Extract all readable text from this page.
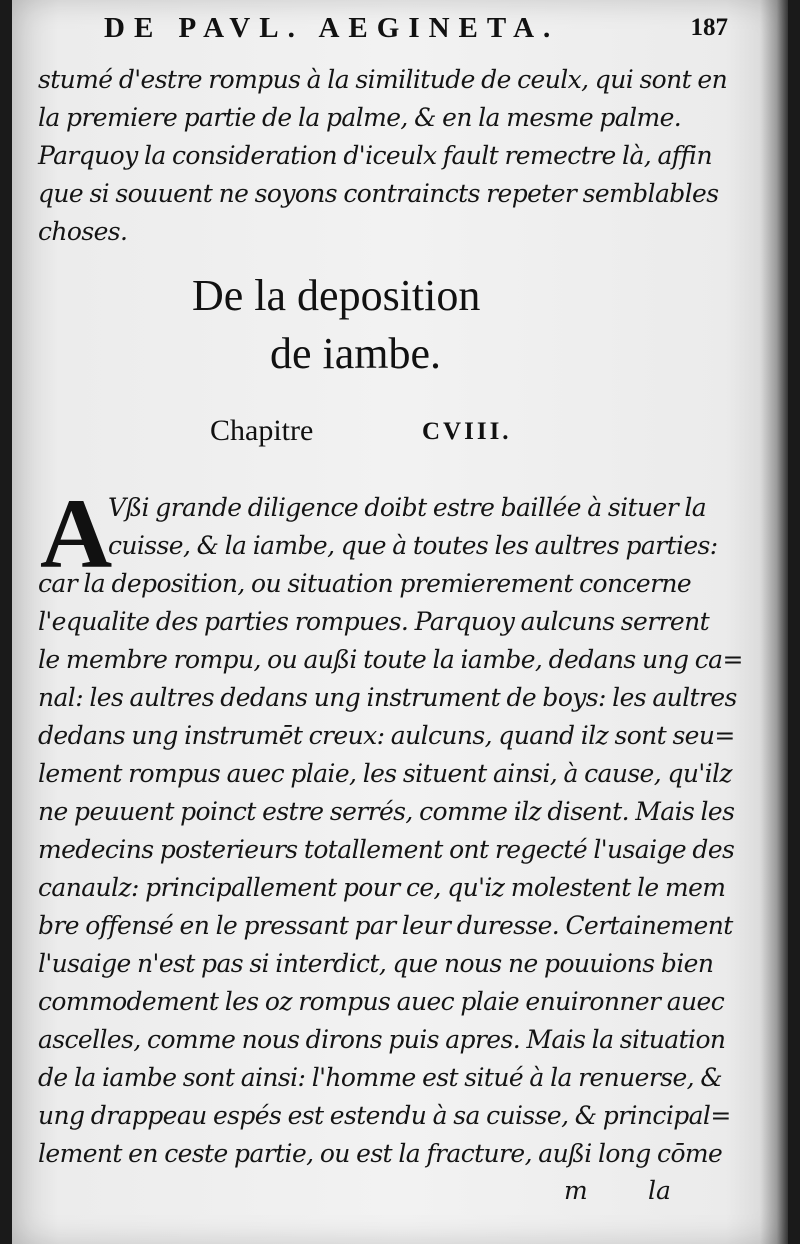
DE PAVL. AEGINETA.	187
stumé d'estre rompus à la similitude de ceulx, qui sont en
la premiere partie de la palme, & en la mesme palme.
Parquoy la consideration d'iceulx fault remectre là, affin
que si souuent ne soyons contraincts repeter semblables
choses.
De la deposition
de iambe.
Chapitre	CVIII.
A
Vßi grande diligence doibt estre baillée à situer la
cuisse, & la iambe, que à toutes les aultres parties:
car la deposition, ou situation premierement concerne
l'equalite des parties rompues. Parquoy aulcuns serrent
le membre rompu, ou außi toute la iambe, dedans ung ca=
nal: les aultres dedans ung instrument de boys: les aultres
dedans ung instrumēt creux: aulcuns, quand ilz sont seu=
lement rompus auec plaie, les situent ainsi, à cause, qu'ilz
ne peuuent poinct estre serrés, comme ilz disent. Mais les
medecins posterieurs totallement ont regecté l'usaige des
canaulz: principallement pour ce, qu'iz molestent le mem
bre offensé en le pressant par leur duresse. Certainement
l'usaige n'est pas si interdict, que nous ne pouuions bien
commodement les oz rompus auec plaie enuironner auec
ascelles, comme nous dirons puis apres. Mais la situation
de la iambe sont ainsi: l'homme est situé à la renuerse, &
ung drappeau espés est estendu à sa cuisse, & principal=
lement en ceste partie, ou est la fracture, außi long cōme
m la
